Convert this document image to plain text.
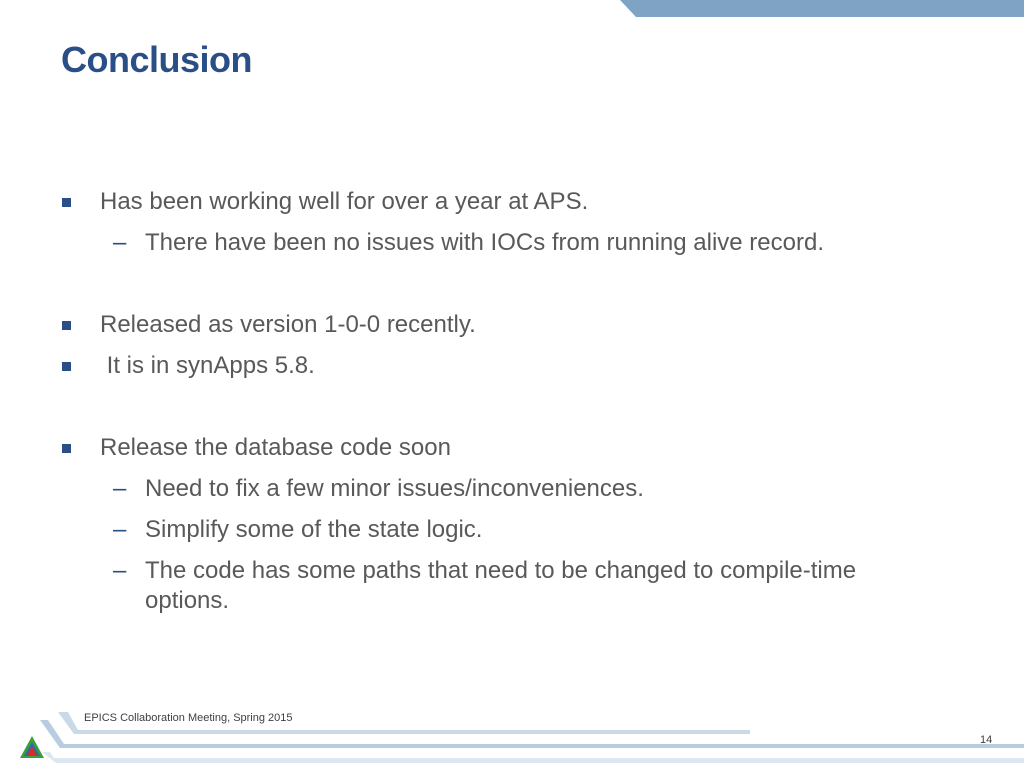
Conclusion
Has been working well for over a year at APS.
– There have been no issues with IOCs from running alive record.
Released as version 1-0-0 recently.
It is in synApps 5.8.
Release the database code soon
– Need to fix a few minor issues/inconveniences.
– Simplify some of the state logic.
– The code has some paths that need to be changed to compile-time options.
EPICS Collaboration Meeting, Spring 2015
14
